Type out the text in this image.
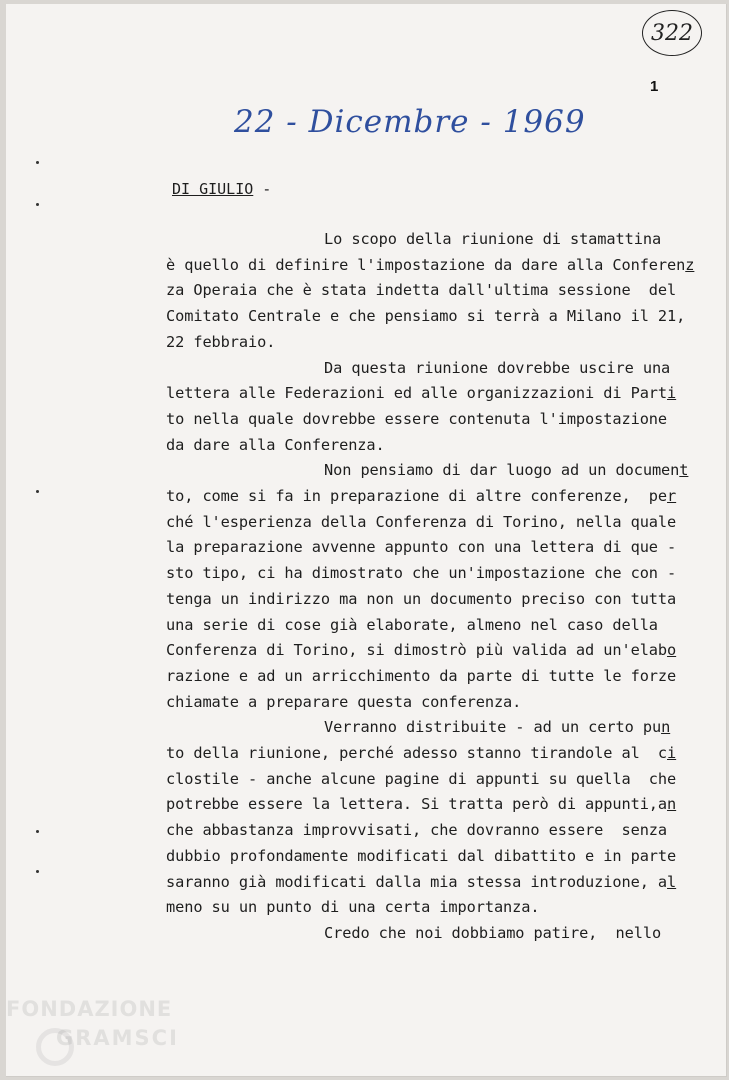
322
22 - Dicembre - 1969
1
DI GIULIO -
Lo scopo della riunione di stamattina
è quello di definire l'impostazione da dare alla Conferenz
za Operaia che è stata indetta dall'ultima sessione  del
Comitato Centrale e che pensiamo si terrà a Milano il 21,
22 febbraio.
Da questa riunione dovrebbe uscire una
lettera alle Federazioni ed alle organizzazioni di Parti
to nella quale dovrebbe essere contenuta l'impostazione
da dare alla Conferenza.
Non pensiamo di dar luogo ad un document
to, come si fa in preparazione di altre conferenze,  per
ché l'esperienza della Conferenza di Torino, nella quale
la preparazione avvenne appunto con una lettera di que -
sto tipo, ci ha dimostrato che un'impostazione che con -
tenga un indirizzo ma non un documento preciso con tutta
una serie di cose già elaborate, almeno nel caso della
Conferenza di Torino, si dimostrò più valida ad un'elabo
razione e ad un arricchimento da parte di tutte le forze
chiamate a preparare questa conferenza.
Verranno distribuite - ad un certo pun
to della riunione, perché adesso stanno tirandole al  ci
clostile - anche alcune pagine di appunti su quella  che
potrebbe essere la lettera. Si tratta però di appunti,an
che abbastanza improvvisati, che dovranno essere  senza
dubbio profondamente modificati dal dibattito e in parte
saranno già modificati dalla mia stessa introduzione, al
meno su un punto di una certa importanza.
Credo che noi dobbiamo patire,  nello
FONDAZIONE
GRAMSCI
